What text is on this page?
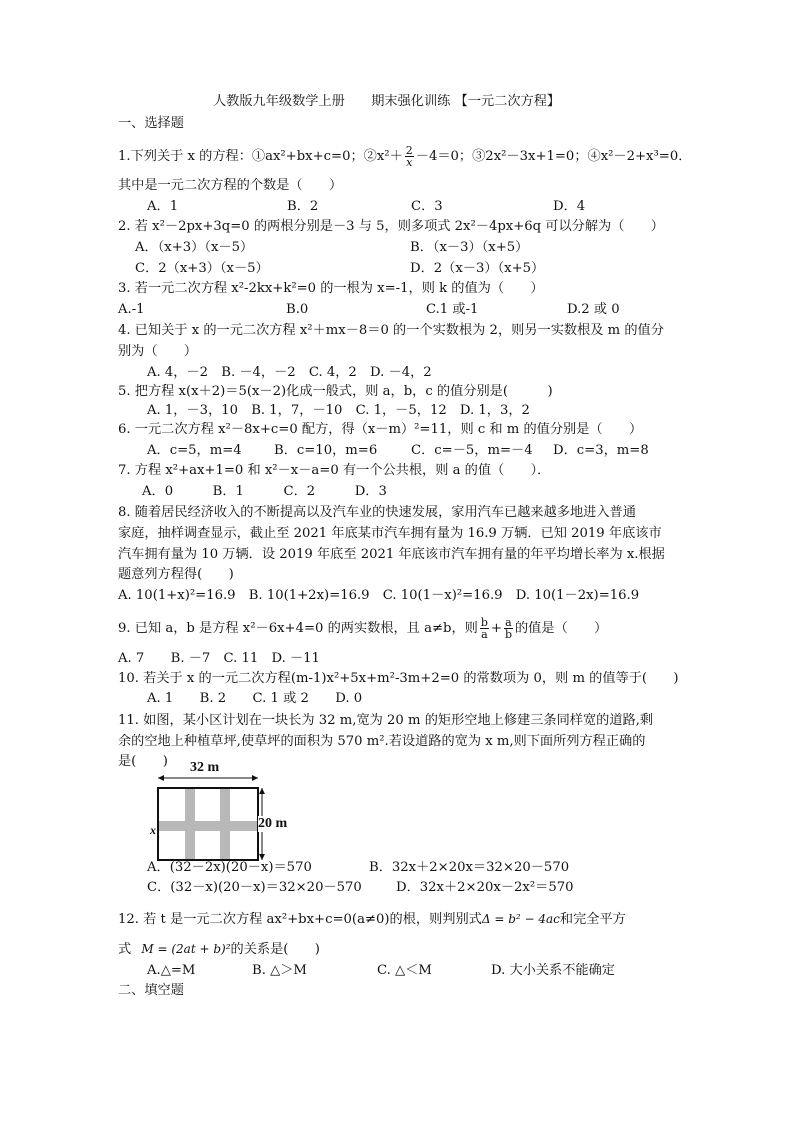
人教版九年级数学上册　　期末强化训练 【一元二次方程】
一、选择题
1.下列关于 x 的方程：①ax²+bx+c=0；②x²＋ $\frac{2}{x} -4=0$；③2x²－3x+1=0；④x²－2+x³=0．
其中是一元二次方程的个数是（　　）
A．1	B．2	C．3	D．4
2. 若 x²－2px+3q=0 的两根分别是－3 与 5，则多项式 2x²－4px+6q 可以分解为（　　）
A．（x+3）（x－5）	B．（x－3）（x+5）
C．2（x+3）（x－5）	D．2（x－3）（x+5）
3. 若一元二次方程 x²-2kx+k²=0 的一根为 x=-1，则 k 的值为（　　）
A.-1	B.0	C.1 或-1	D.2 或 0
4. 已知关于 x 的一元二次方程 x²＋mx－8＝0 的一个实数根为 2，则另一实数根及 m 的值分
别为（　　）
A. 4，－2　B. －4，－2　C. 4，2　D. －4，2
5. 把方程 x(x＋2)＝5(x－2)化成一般式，则 a，b，c 的值分别是(　　　)
A. 1，－3，10　B. 1，7，－10　C. 1，－5，12　D. 1，3，2
6. 一元二次方程 x²－8x+c=0 配方，得（x－m）²=11，则 c 和 m 的值分别是（　　）
A．c=5，m=4 B．c=10，m=6	C．c=－5，m=－4 D．c=3，m=8
7. 方程 x²+ax+1=0 和 x²－x－a=0 有一个公共根，则 a 的值（　　）．
A．0　　　B．1　　　C．2　　　D．3
8. 随着居民经济收入的不断提高以及汽车业的快速发展，家用汽车已越来越多地进入普通
家庭，抽样调查显示，截止至 2021 年底某市汽车拥有量为 16.9 万辆．已知 2019 年底该市
汽车拥有量为 10 万辆．设 2019 年底至 2021 年底该市汽车拥有量的年平均增长率为 x.根据
题意列方程得(　　)
A. 10(1+x)²=16.9　B. 10(1+2x)=16.9　C. 10(1－x)²=16.9　D. 10(1－2x)=16.9
9. 已知 a，b 是方程 x²－6x+4=0 的两实数根，且 a≠b，则 $\frac{b}{a} + \frac{a}{b}$ 的值是（　　）
A. 7　　B. －7　C. 11　D. －11
10. 若关于 x 的一元二次方程(m-1)x²+5x+m²-3m+2=0 的常数项为 0，则 m 的值等于(　　)
A. 1　　B. 2　　C. 1 或 2　　D. 0
11. 如图，某小区计划在一块长为 32 m,宽为 20 m 的矩形空地上修建三条同样宽的道路,剩
余的空地上种植草坪,使草坪的面积为 570 m².若设道路的宽为 x m,则下面所列方程正确的
是(　　) 32 m
20 m
x
A．(32－2x)(20－x)＝570	B．32x＋2×20x＝32×20－570
C．(32－x)(20－x)＝32×20－570	D．32x＋2×20x－2x²＝570
12. 若 t 是一元二次方程 ax²+bx+c=0(a≠0)的根，则判别式Δ = b² − 4ac和完全平方
式 M = (2at + b)²的关系是(　　)
A.△=M	B. △＞M	C. △＜M	D. 大小关系不能确定
二、填空题
